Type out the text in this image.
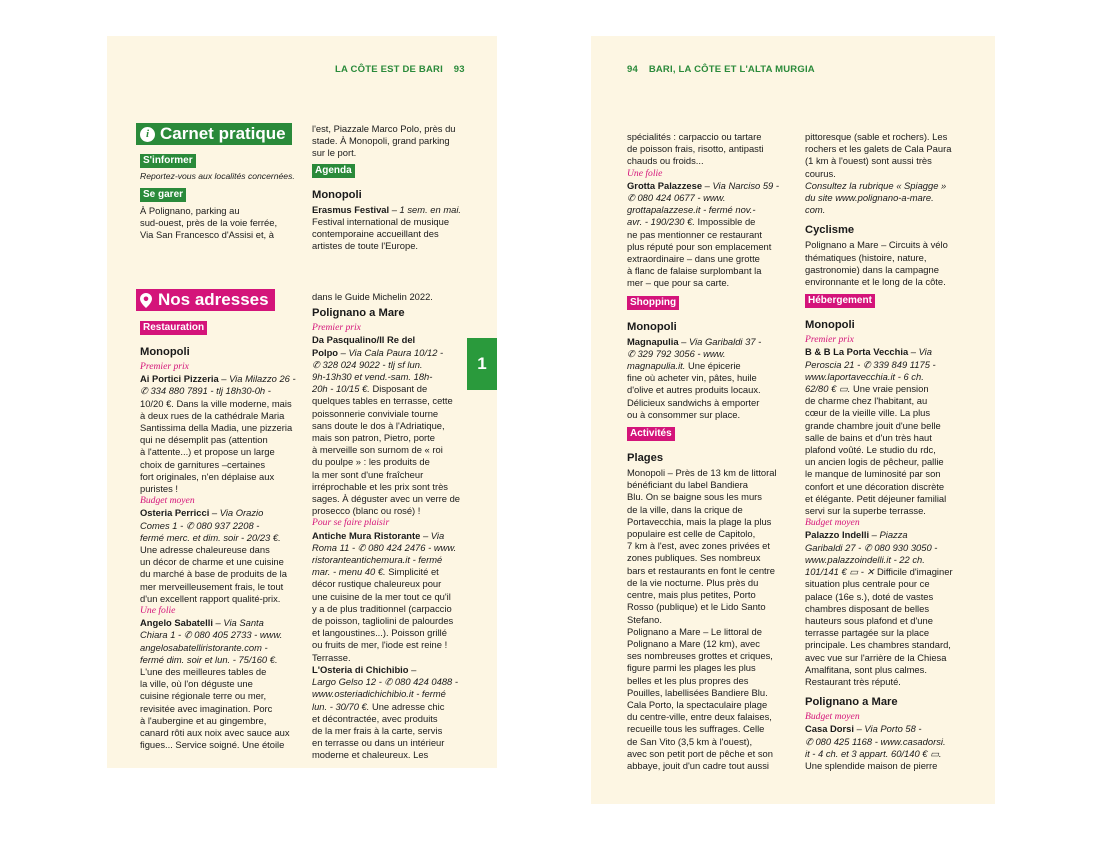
LA CÔTE EST DE BARI 93
i Carnet pratique
S'informer

Reportez-vous aux localités concernées.

Se garer

À Polignano, parking au

sud-ouest, près de la voie ferrée,

Via San Francesco d'Assisi et, à

l'est, Piazzale Marco Polo, près du

stade. À Monopoli, grand parking

sur le port.

Agenda

Monopoli

Erasmus Festival – 1 sem. en mai.

Festival international de musique

contemporaine accueillant des

artistes de toute l'Europe.

Nos adresses
Restauration

Monopoli

Premier prix

Ai Portici Pizzeria – Via Milazzo 26 -

✆ 334 880 7891 - tlj 18h30-0h -

10/20 €. Dans la ville moderne, mais

à deux rues de la cathédrale Maria

Santissima della Madia, une pizzeria

qui ne désemplit pas (attention

à l'attente...) et propose un large

choix de garnitures –certaines

fort originales, n'en déplaise aux

puristes !

Budget moyen

Osteria Perricci – Via Orazio

Comes 1 - ✆ 080 937 2208 -

fermé merc. et dim. soir - 20/23 €.

Une adresse chaleureuse dans

un décor de charme et une cuisine

du marché à base de produits de la

mer merveilleusement frais, le tout

d'un excellent rapport qualité-prix.

Une folie

Angelo Sabatelli – Via Santa

Chiara 1 - ✆ 080 405 2733 - www.

angelosabatelliristorante.com -

fermé dim. soir et lun. - 75/160 €.

L'une des meilleures tables de

la ville, où l'on déguste une

cuisine régionale terre ou mer,

revisitée avec imagination. Porc

à l'aubergine et au gingembre,

canard rôti aux noix avec sauce aux

figues... Service soigné. Une étoile

dans le Guide Michelin 2022.

Polignano a Mare

Premier prix

Da Pasqualino/Il Re del

Polpo – Via Cala Paura 10/12 -

✆ 328 024 9022 - tlj sf lun.

9h-13h30 et vend.-sam. 18h-

20h - 10/15 €. Disposant de

quelques tables en terrasse, cette

poissonnerie conviviale tourne

sans doute le dos à l'Adriatique,

mais son patron, Pietro, porte

à merveille son surnom de « roi

du poulpe » : les produits de

la mer sont d'une fraîcheur

irréprochable et les prix sont très

sages. À déguster avec un verre de

prosecco (blanc ou rosé) !

Pour se faire plaisir

Antiche Mura Ristorante – Via

Roma 11 - ✆ 080 424 2476 - www.

ristoranteantichemura.it - fermé

mar. - menu 40 €. Simplicité et

décor rustique chaleureux pour

une cuisine de la mer tout ce qu'il

y a de plus traditionnel (carpaccio

de poisson, tagliolini de palourdes

et langoustines...). Poisson grillé

ou fruits de mer, l'iode est reine !

Terrasse.

L'Osteria di Chichibio –

Largo Gelso 12 - ✆ 080 424 0488 -

www.osteriadichichibio.it - fermé

lun. - 30/70 €. Une adresse chic

et décontractée, avec produits

de la mer frais à la carte, servis

en terrasse ou dans un intérieur

moderne et chaleureux. Les

1
94 BARI, LA CÔTE ET L'ALTA MURGIA

spécialités : carpaccio ou tartare

de poisson frais, risotto, antipasti

chauds ou froids...

Une folie

Grotta Palazzese – Via Narciso 59 -

✆ 080 424 0677 - www.

grottapalazzese.it - fermé nov.-

avr. - 190/230 €. Impossible de

ne pas mentionner ce restaurant

plus réputé pour son emplacement

extraordinaire – dans une grotte

à flanc de falaise surplombant la

mer – que pour sa carte.

Shopping

Monopoli

Magnapulia – Via Garibaldi 37 -

✆ 329 792 3056 - www.

magnapulia.it. Une épicerie

fine où acheter vin, pâtes, huile

d'olive et autres produits locaux.

Délicieux sandwichs à emporter

ou à consommer sur place.

Activités

Plages

Monopoli – Près de 13 km de littoral

bénéficiant du label Bandiera

Blu. On se baigne sous les murs

de la ville, dans la crique de

Portavecchia, mais la plage la plus

populaire est celle de Capitolo,

7 km à l'est, avec zones privées et

zones publiques. Ses nombreux

bars et restaurants en font le centre

de la vie nocturne. Plus près du

centre, mais plus petites, Porto

Rosso (publique) et le Lido Santo

Stefano.

Polignano a Mare – Le littoral de

Polignano a Mare (12 km), avec

ses nombreuses grottes et criques,

figure parmi les plages les plus

belles et les plus propres des

Pouilles, labellisées Bandiere Blu.

Cala Porto, la spectaculaire plage

du centre-ville, entre deux falaises,

recueille tous les suffrages. Celle

de San Vito (3,5 km à l'ouest),

avec son petit port de pêche et son

abbaye, jouit d'un cadre tout aussi

pittoresque (sable et rochers). Les

rochers et les galets de Cala Paura

(1 km à l'ouest) sont aussi très

courus.

Consultez la rubrique « Spiagge »

du site www.polignano-a-mare.

com.

Cyclisme

Polignano a Mare – Circuits à vélo

thématiques (histoire, nature,

gastronomie) dans la campagne

environnante et le long de la côte.

Hébergement

Monopoli

Premier prix

B & B La Porta Vecchia – Via

Peroscia 21 - ✆ 339 849 1175 -

www.laportavecchia.it - 6 ch.

62/80 € ▭. Une vraie pension

de charme chez l'habitant, au

cœur de la vieille ville. La plus

grande chambre jouit d'une belle

salle de bains et d'un très haut

plafond voûté. Le studio du rdc,

un ancien logis de pêcheur, pallie

le manque de luminosité par son

confort et une décoration discrète

et élégante. Petit déjeuner familial

servi sur la superbe terrasse.

Budget moyen

Palazzo Indelli – Piazza

Garibaldi 27 - ✆ 080 930 3050 -

www.palazzoindelli.it - 22 ch.

101/141 € ▭ - ✕ Difficile d'imaginer

situation plus centrale pour ce

palace (16e s.), doté de vastes

chambres disposant de belles

hauteurs sous plafond et d'une

terrasse partagée sur la place

principale. Les chambres standard,

avec vue sur l'arrière de la Chiesa

Amalfitana, sont plus calmes.

Restaurant très réputé.

Polignano a Mare

Budget moyen

Casa Dorsi – Via Porto 58 -

✆ 080 425 1168 - www.casadorsi.

it - 4 ch. et 3 appart. 60/140 € ▭.

Une splendide maison de pierre
